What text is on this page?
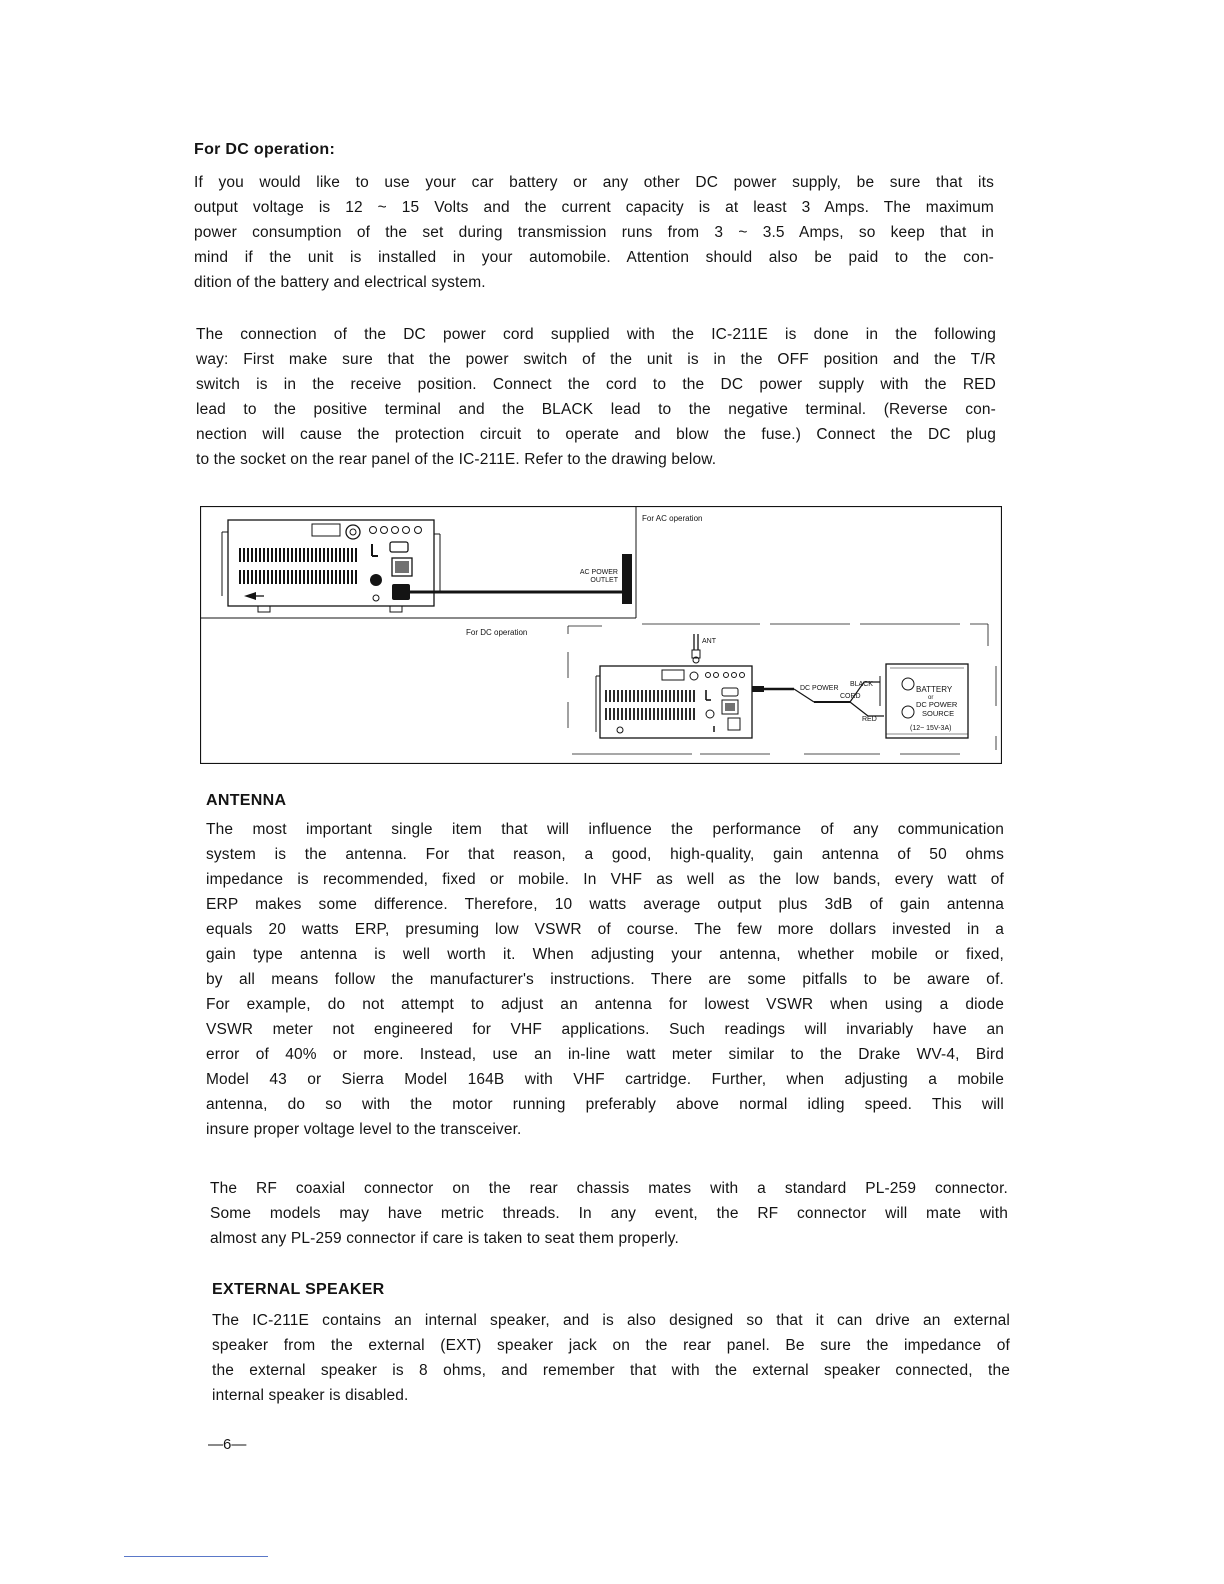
For DC operation:

If you would like to use your car battery or any other DC power supply, be sure that its
output voltage is 12 ~ 15 Volts and the current capacity is at least 3 Amps. The maximum
power consumption of the set during transmission runs from 3 ~ 3.5 Amps, so keep that in
mind if the unit is installed in your automobile. Attention should also be paid to the con-
dition of the battery and electrical system.

The connection of the DC power cord supplied with the IC-211E is done in the following
way: First make sure that the power switch of the unit is in the OFF position and the T/R
switch is in the receive position. Connect the cord to the DC power supply with the RED
lead to the positive terminal and the BLACK lead to the negative terminal. (Reverse con-
nection will cause the protection circuit to operate and blow the fuse.) Connect the DC plug
to the socket on the rear panel of the IC-211E. Refer to the drawing below.

AC POWER
OUTLET
For AC operation
For DC operation
ANT
DC POWER
CORD
BLACK
RED
BATTERY
or
DC POWER
SOURCE
(12~ 15V-3A)
ANTENNA

The most important single item that will influence the performance of any communication
system is the antenna. For that reason, a good, high-quality, gain antenna of 50 ohms
impedance is recommended, fixed or mobile. In VHF as well as the low bands, every watt of
ERP makes some difference. Therefore, 10 watts average output plus 3dB of gain antenna
equals 20 watts ERP, presuming low VSWR of course. The few more dollars invested in a
gain type antenna is well worth it. When adjusting your antenna, whether mobile or fixed,
by all means follow the manufacturer's instructions. There are some pitfalls to be aware of.
For example, do not attempt to adjust an antenna for lowest VSWR when using a diode
VSWR meter not engineered for VHF applications. Such readings will invariably have an
error of 40% or more. Instead, use an in-line watt meter similar to the Drake WV-4, Bird
Model 43 or Sierra Model 164B with VHF cartridge. Further, when adjusting a mobile
antenna, do so with the motor running preferably above normal idling speed. This will
insure proper voltage level to the transceiver.

The RF coaxial connector on the rear chassis mates with a standard PL-259 connector.
Some models may have metric threads. In any event, the RF connector will mate with
almost any PL-259 connector if care is taken to seat them properly.

EXTERNAL SPEAKER

The IC-211E contains an internal speaker, and is also designed so that it can drive an external
speaker from the external (EXT) speaker jack on the rear panel. Be sure the impedance of
the external speaker is 8 ohms, and remember that with the external speaker connected, the
internal speaker is disabled.

—6—
